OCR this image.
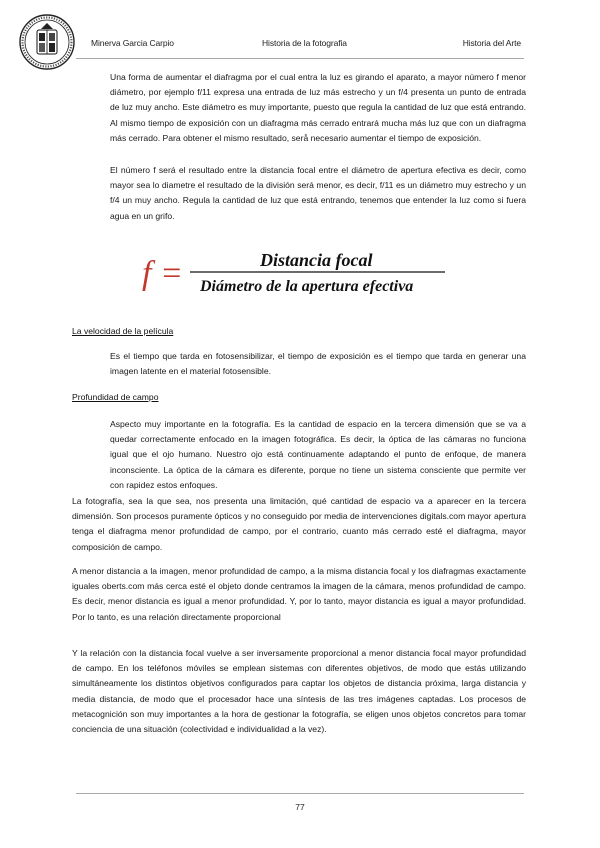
Minerva Garcia Carpio	Historia de la fotografia	Historia del Arte
Una forma de aumentar el diafragma por el cual entra la luz es girando el aparato, a mayor número f menor diámetro, por ejemplo f/11 expresa una entrada de luz más estrecho y un f/4 presenta un punto de entrada de luz muy ancho. Este diámetro es muy importante, puesto que regula la cantidad de luz que está entrando. Al mismo tiempo de exposición con un diafragma más cerrado entrará mucha más luz que con un diafragma más cerrado. Para obtener el mismo resultado, serå necesario aumentar el tiempo de exposición.
El número f será el resultado entre la distancia focal entre el diámetro de apertura efectiva es decir, como mayor sea lo diametre el resultado de la división será menor, es decir, f/11 es un diámetro muy estrecho y un f/4 un muy ancho. Regula la cantidad de luz que está entrando, tenemos que entender la luz como si fuera agua en un grifo.
f =	Distancia focal
Diámetro de la apertura efectiva
La velocidad de la película
Es el tiempo que tarda en fotosensibilizar, el tiempo de exposición es el tiempo que tarda en generar una imagen latente en el material fotosensible.
Profundidad de campo
Aspecto muy importante en la fotografía. Es la cantidad de espacio en la tercera dimensión que se va a quedar correctamente enfocado en la imagen fotográfica. Es decir, la óptica de las cámaras no funciona igual que el ojo humano. Nuestro ojo está continuamente adaptando el punto de enfoque, de manera inconsciente. La óptica de la cámara es diferente, porque no tiene un sistema consciente que permite ver con rapidez estos enfoques.
La fotografía, sea la que sea, nos presenta una limitación, qué cantidad de espacio va a aparecer en la tercera dimensión. Son procesos puramente ópticos y no conseguido por media de intervenciones digitals.com mayor apertura tenga el diafragma menor profundidad de campo, por el contrario, cuanto más cerrado esté el diafragma, mayor composición de campo.
A menor distancia a la imagen, menor profundidad de campo, a la misma distancia focal y los diafragmas exactamente iguales oberts.com más cerca esté el objeto donde centramos la imagen de la cámara, menos profundidad de campo. Es decir, menor distancia es igual a menor profundidad. Y, por lo tanto, mayor distancia es igual a mayor profundidad. Por lo tanto, es una relación directamente proporcional
Y la relación con la distancia focal vuelve a ser inversamente proporcional a menor distancia focal mayor profundidad de campo. En los teléfonos móviles se emplean sistemas con diferentes objetivos, de modo que estás utilizando simultáneamente los distintos objetivos configurados para captar los objetos de distancia próxima, larga distancia y media distancia, de modo que el procesador hace una síntesis de las tres imágenes captadas. Los procesos de metacognición son muy importantes a la hora de gestionar la fotografía, se eligen unos objetos concretos para tomar conciencia de una situación (colectividad e individualidad a la vez).
77
